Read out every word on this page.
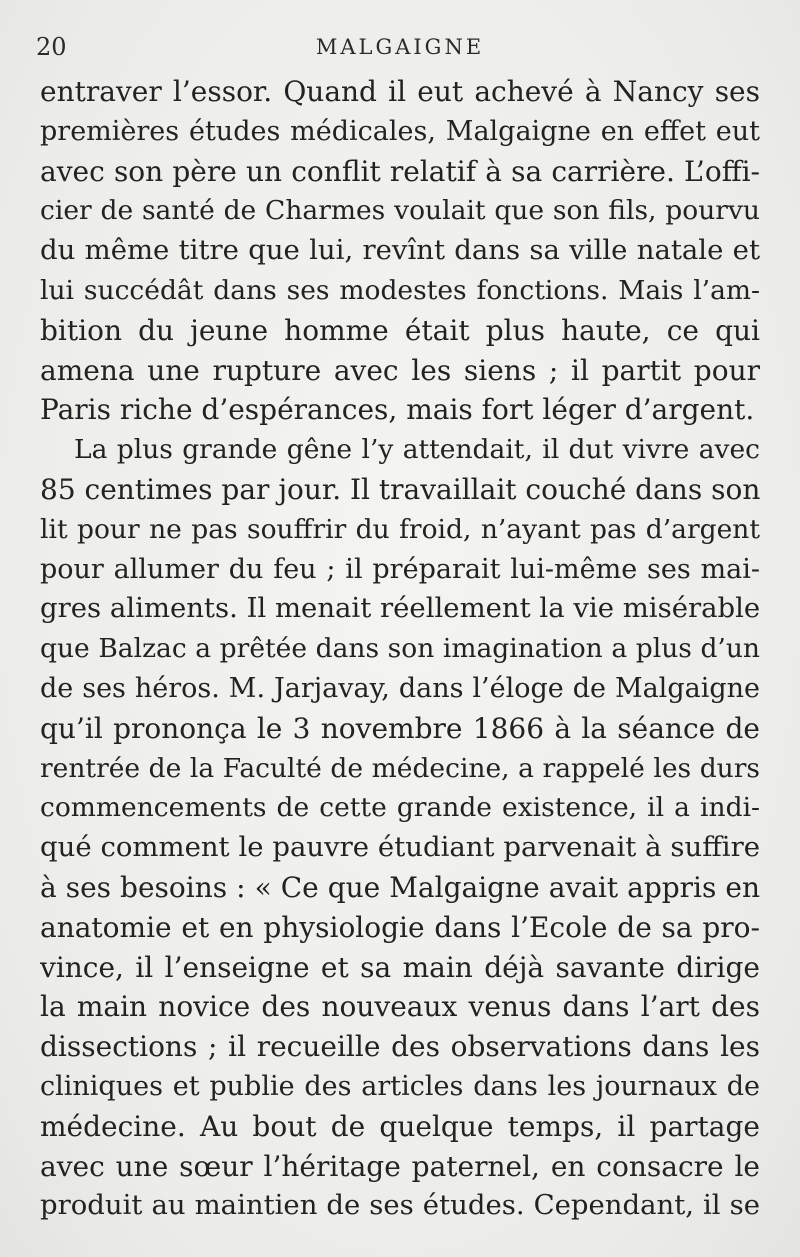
20	MALGAIGNE
entraver l’essor. Quand il eut achevé à Nancy ses
premières études médicales, Malgaigne en effet eut
avec son père un conflit relatif à sa carrière. L’offi-
cier de santé de Charmes voulait que son fils, pourvu
du même titre que lui, revînt dans sa ville natale et
lui succédât dans ses modestes fonctions. Mais l’am-
bition du jeune homme était plus haute, ce qui
amena une rupture avec les siens ; il partit pour
Paris riche d’espérances, mais fort léger d’argent.
La plus grande gêne l’y attendait, il dut vivre avec
85 centimes par jour. Il travaillait couché dans son
lit pour ne pas souffrir du froid, n’ayant pas d’argent
pour allumer du feu ; il préparait lui-même ses mai-
gres aliments. Il menait réellement la vie misérable
que Balzac a prêtée dans son imagination a plus d’un
de ses héros. M. Jarjavay, dans l’éloge de Malgaigne
qu’il prononça le 3 novembre 1866 à la séance de
rentrée de la Faculté de médecine, a rappelé les durs
commencements de cette grande existence, il a indi-
qué comment le pauvre étudiant parvenait à suffire
à ses besoins : « Ce que Malgaigne avait appris en
anatomie et en physiologie dans l’Ecole de sa pro-
vince, il l’enseigne et sa main déjà savante dirige
la main novice des nouveaux venus dans l’art des
dissections ; il recueille des observations dans les
cliniques et publie des articles dans les journaux de
médecine. Au bout de quelque temps, il partage
avec une sœur l’héritage paternel, en consacre le
produit au maintien de ses études. Cependant, il se
